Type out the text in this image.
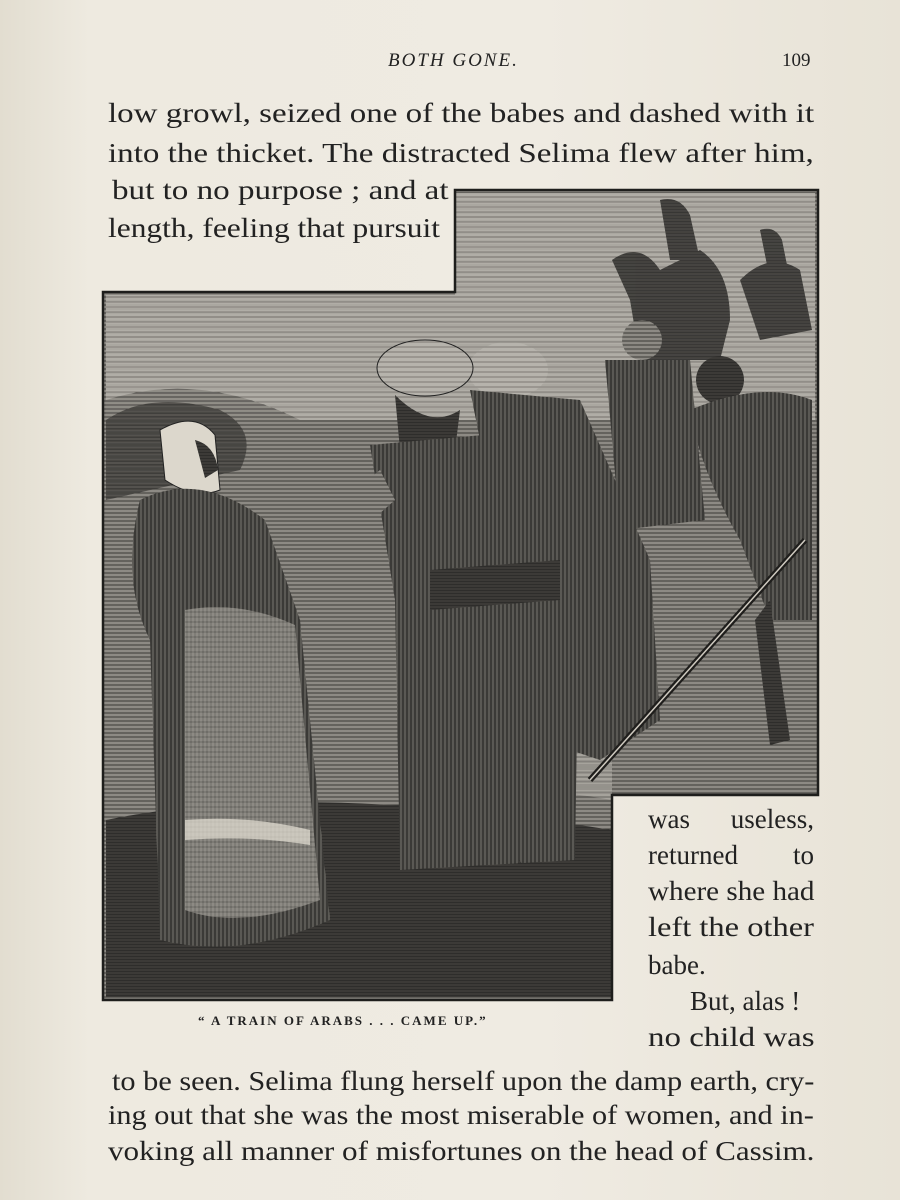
BOTH GONE.	109
low growl, seized one of the babes and dashed with it
into the thicket. The distracted Selima flew after him,
but to no purpose ; and at
length, feeling that pursuit
“ A TRAIN OF ARABS . . . CAME UP.”
was useless,
returned to
where she had
left the other
babe.
But, alas !
no child was
to be seen. Selima flung herself upon the damp earth, cry-
ing out that she was the most miserable of women, and in-
voking all manner of misfortunes on the head of Cassim.
